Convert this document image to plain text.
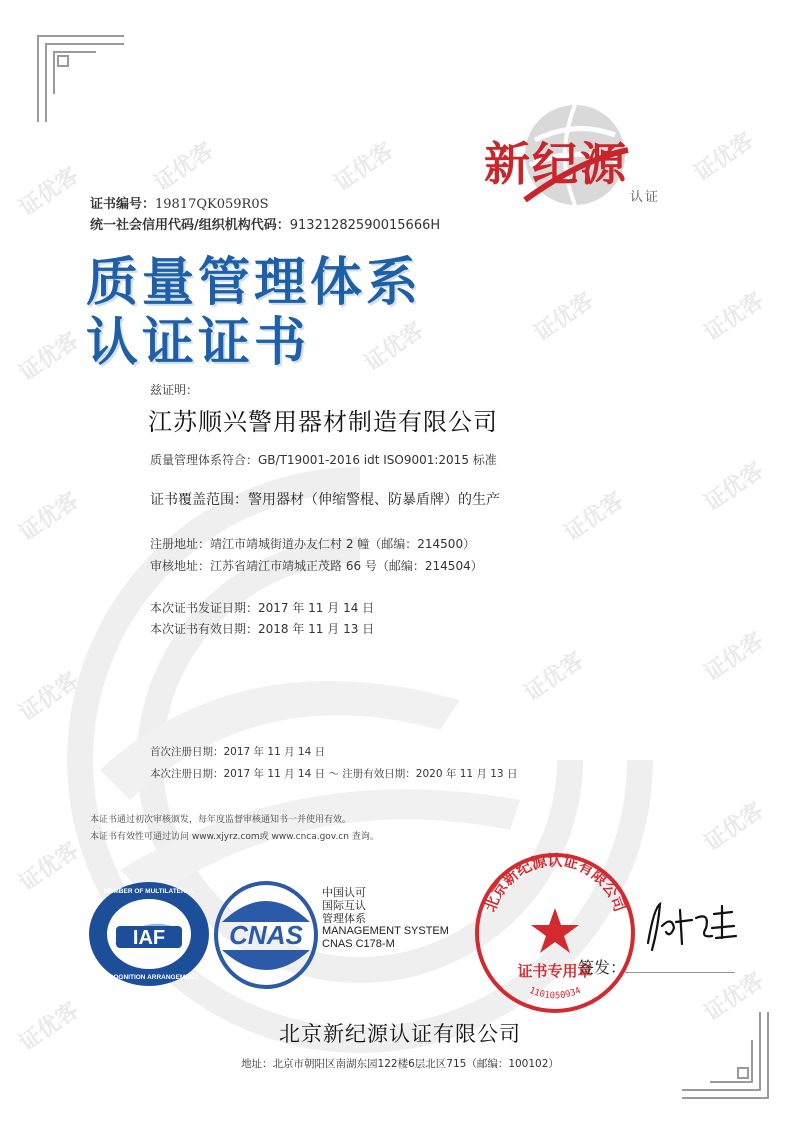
证优客	证优客	证优客	证优客
证优客	证优客
证优客	证优客
证优客	证优客
证优客
证优客	证优客	证优客
证优客
证优客
证优客
证优客
新纪源
认证
证书编号：19817QK059R0S
统一社会信用代码/组织机构代码：91321282590015666H
质量管理体系
认证证书
兹证明：
江苏顺兴警用器材制造有限公司
质量管理体系符合：GB/T19001-2016 idt ISO9001:2015 标准
证书覆盖范围：警用器材（伸缩警棍、防暴盾牌）的生产
注册地址：靖江市靖城街道办友仁村 2 幢（邮编：214500）
审核地址：江苏省靖江市靖城正茂路 66 号（邮编：214504）
本次证书发证日期：2017 年 11 月 14 日
本次证书有效日期：2018 年 11 月 13 日
首次注册日期：2017 年 11 月 14 日
本次注册日期：2017 年 11 月 14 日 ～ 注册有效日期：2020 年 11 月 13 日
本证书通过初次审核颁发，每年度监督审核通知书一并使用有效。
本证书有效性可通过访问 www.xjyrz.com或 www.cnca.gov.cn 查询。
IAF
MEMBER OF MULTILATERAL
RECOGNITION ARRANGEMENT
CNAS
中国认可
国际互认
管理体系
MANAGEMENT SYSTEM
CNAS C178-M
北京新纪源认证有限公司
证书专用章
1101050934
签发：
北京新纪源认证有限公司
地址：北京市朝阳区南湖东园122楼6层北区715（邮编：100102）
